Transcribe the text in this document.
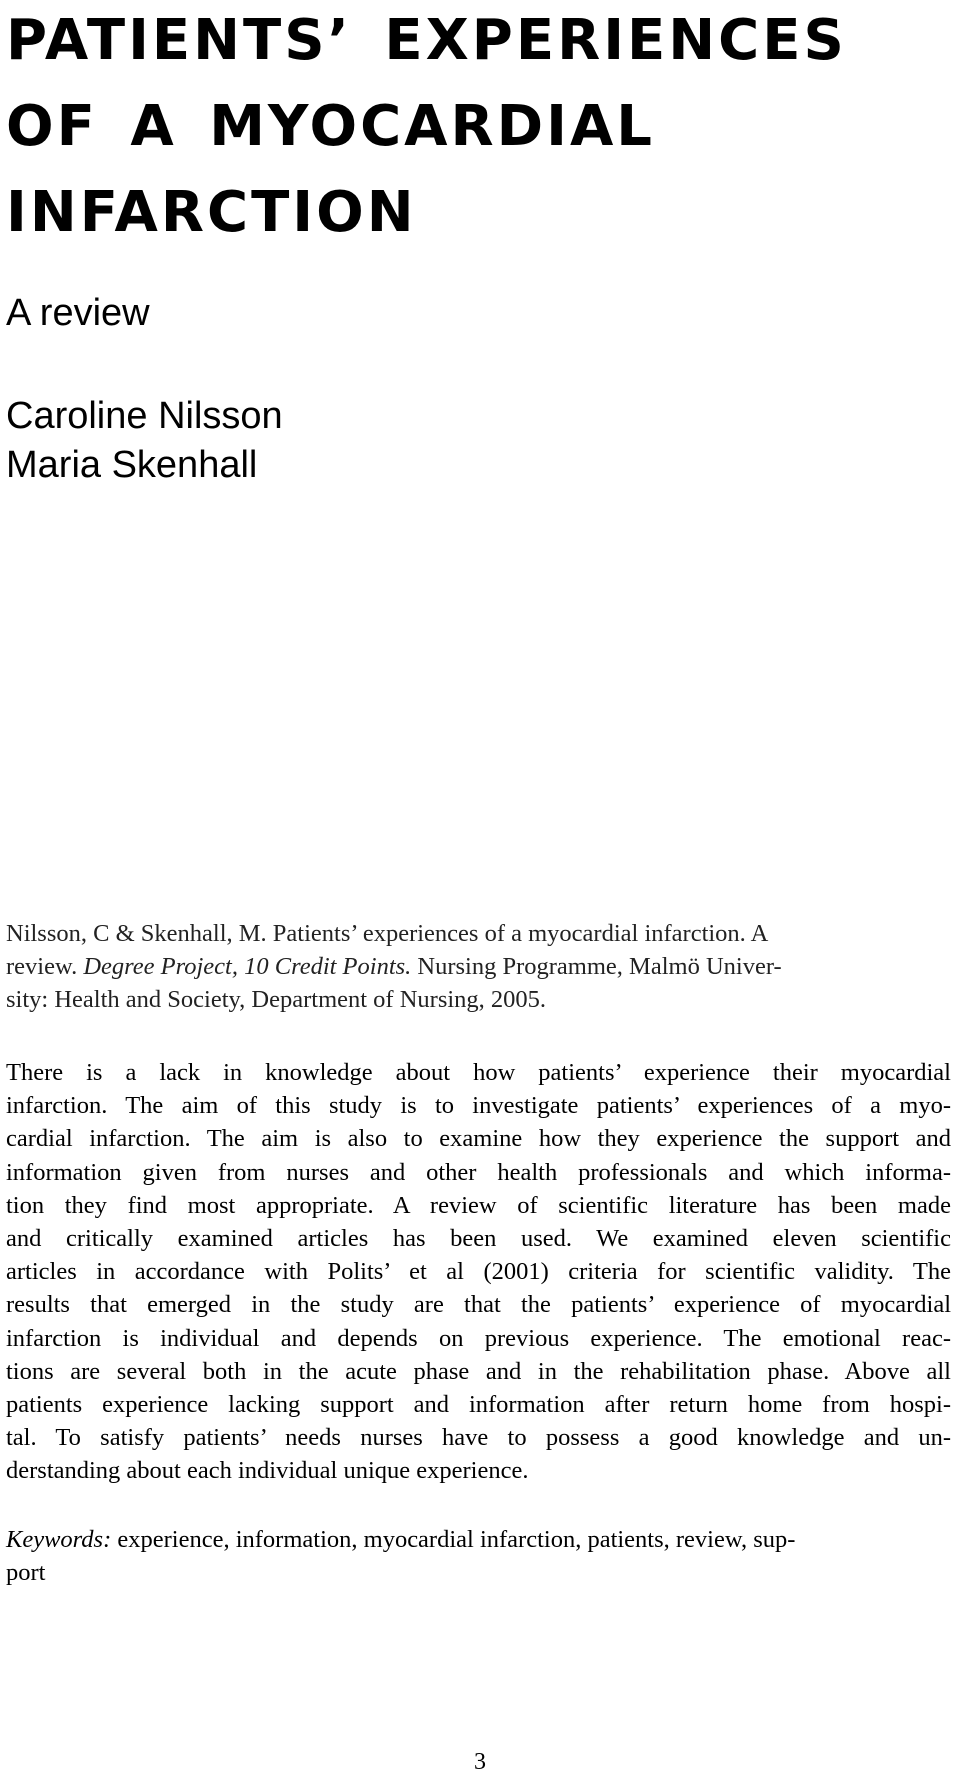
PATIENTS’ EXPERIENCES
OF A MYOCARDIAL
INFARCTION
A review
Caroline Nilsson
Maria Skenhall
Nilsson, C & Skenhall, M. Patients’ experiences of a myocardial infarction. A
review. Degree Project, 10 Credit Points. Nursing Programme, Malmö Univer-
sity: Health and Society, Department of Nursing, 2005.
There is a lack in knowledge about how patients’ experience their myocardial
infarction. The aim of this study is to investigate patients’ experiences of a myo-
cardial infarction. The aim is also to examine how they experience the support and
information given from nurses and other health professionals and which informa-
tion they find most appropriate. A review of scientific literature has been made
and critically examined articles has been used. We examined eleven scientific
articles in accordance with Polits’ et al (2001) criteria for scientific validity. The
results that emerged in the study are that the patients’ experience of myocardial
infarction is individual and depends on previous experience. The emotional reac-
tions are several both in the acute phase and in the rehabilitation phase. Above all
patients experience lacking support and information after return home from hospi-
tal. To satisfy patients’ needs nurses have to possess a good knowledge and un-
derstanding about each individual unique experience.
Keywords: experience, information, myocardial infarction, patients, review, sup-
port
3
